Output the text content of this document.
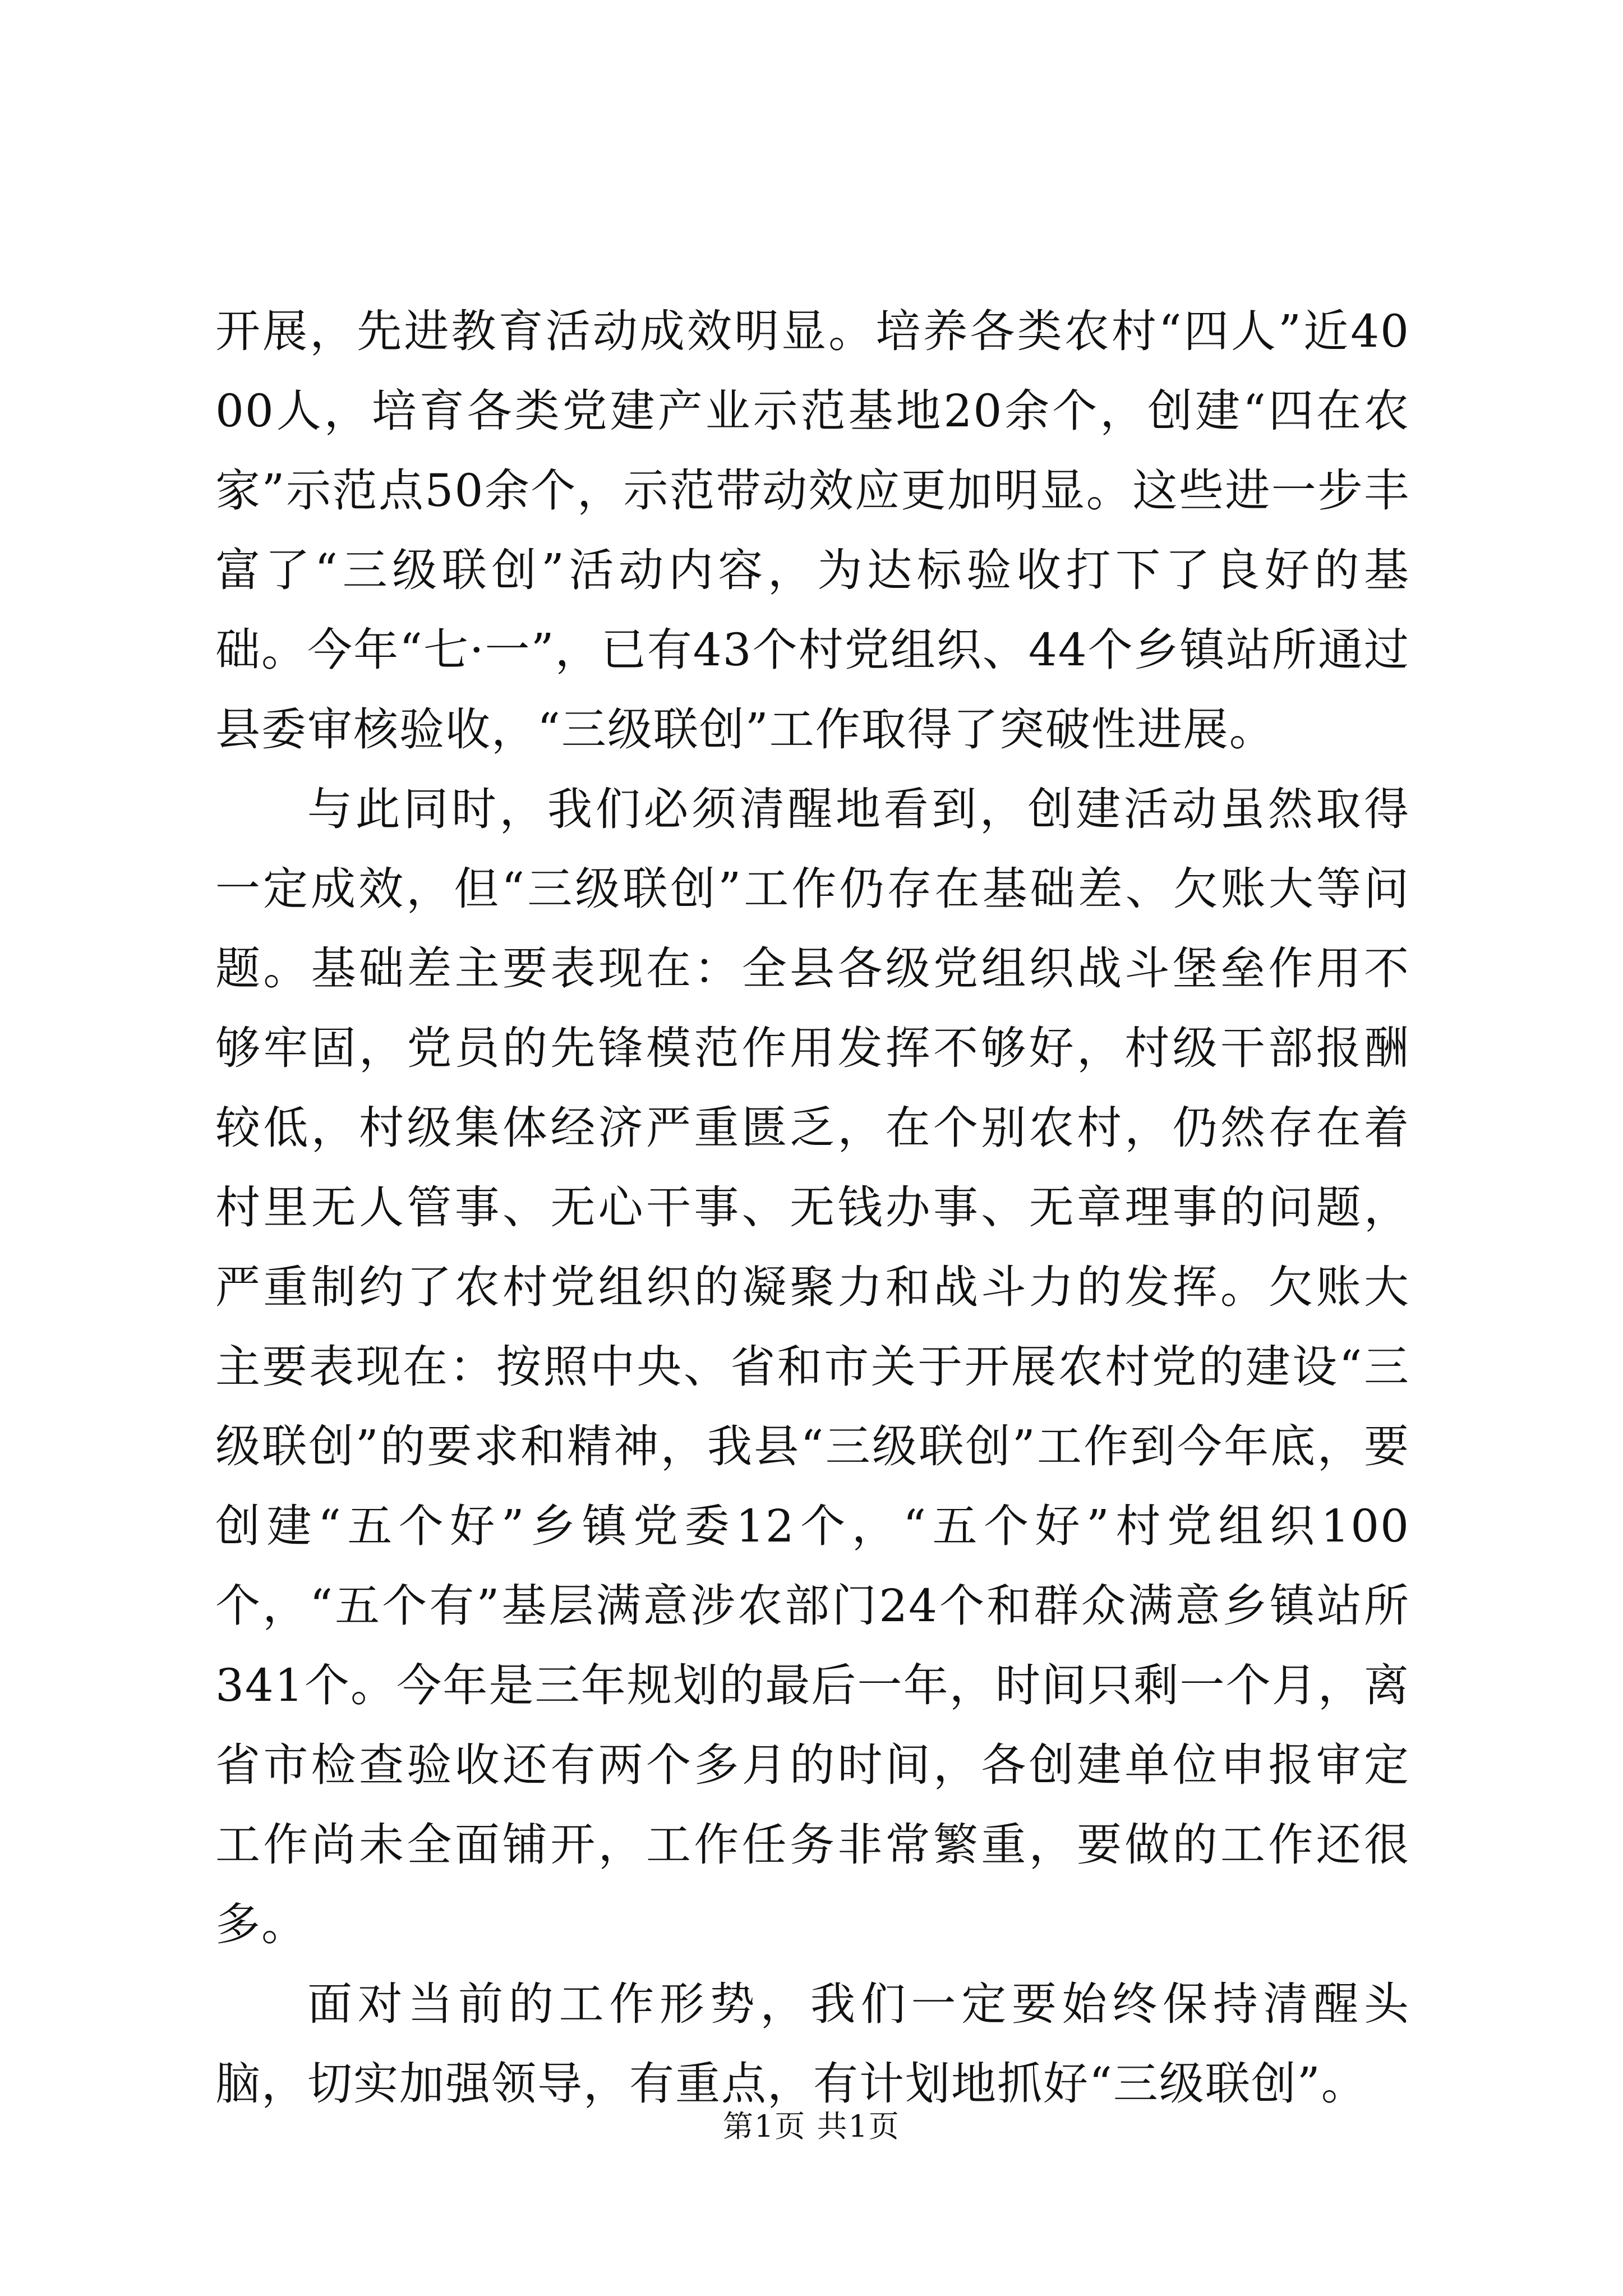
开展，先进教育活动成效明显。培养各类农村“四人”近4000人，培育各类党建产业示范基地20余个，创建“四在农家”示范点50余个，示范带动效应更加明显。这些进一步丰富了“三级联创”活动内容，为达标验收打下了良好的基础。今年“七·一”，已有43个村党组织、44个乡镇站所通过县委审核验收，“三级联创”工作取得了突破性进展。

与此同时，我们必须清醒地看到，创建活动虽然取得一定成效，但“三级联创”工作仍存在基础差、欠账大等问题。基础差主要表现在：全县各级党组织战斗堡垒作用不够牢固，党员的先锋模范作用发挥不够好，村级干部报酬较低，村级集体经济严重匮乏，在个别农村，仍然存在着村里无人管事、无心干事、无钱办事、无章理事的问题，严重制约了农村党组织的凝聚力和战斗力的发挥。欠账大主要表现在：按照中央、省和市关于开展农村党的建设“三级联创”的要求和精神，我县“三级联创”工作到今年底，要创建“五个好”乡镇党委12个，“五个好”村党组织100个，“五个有”基层满意涉农部门24个和群众满意乡镇站所341个。今年是三年规划的最后一年，时间只剩一个月，离省市检查验收还有两个多月的时间，各创建单位申报审定工作尚未全面铺开，工作任务非常繁重，要做的工作还很多。

面对当前的工作形势，我们一定要始终保持清醒头脑，切实加强领导，有重点，有计划地抓好“三级联创”。

第1页 共1页
